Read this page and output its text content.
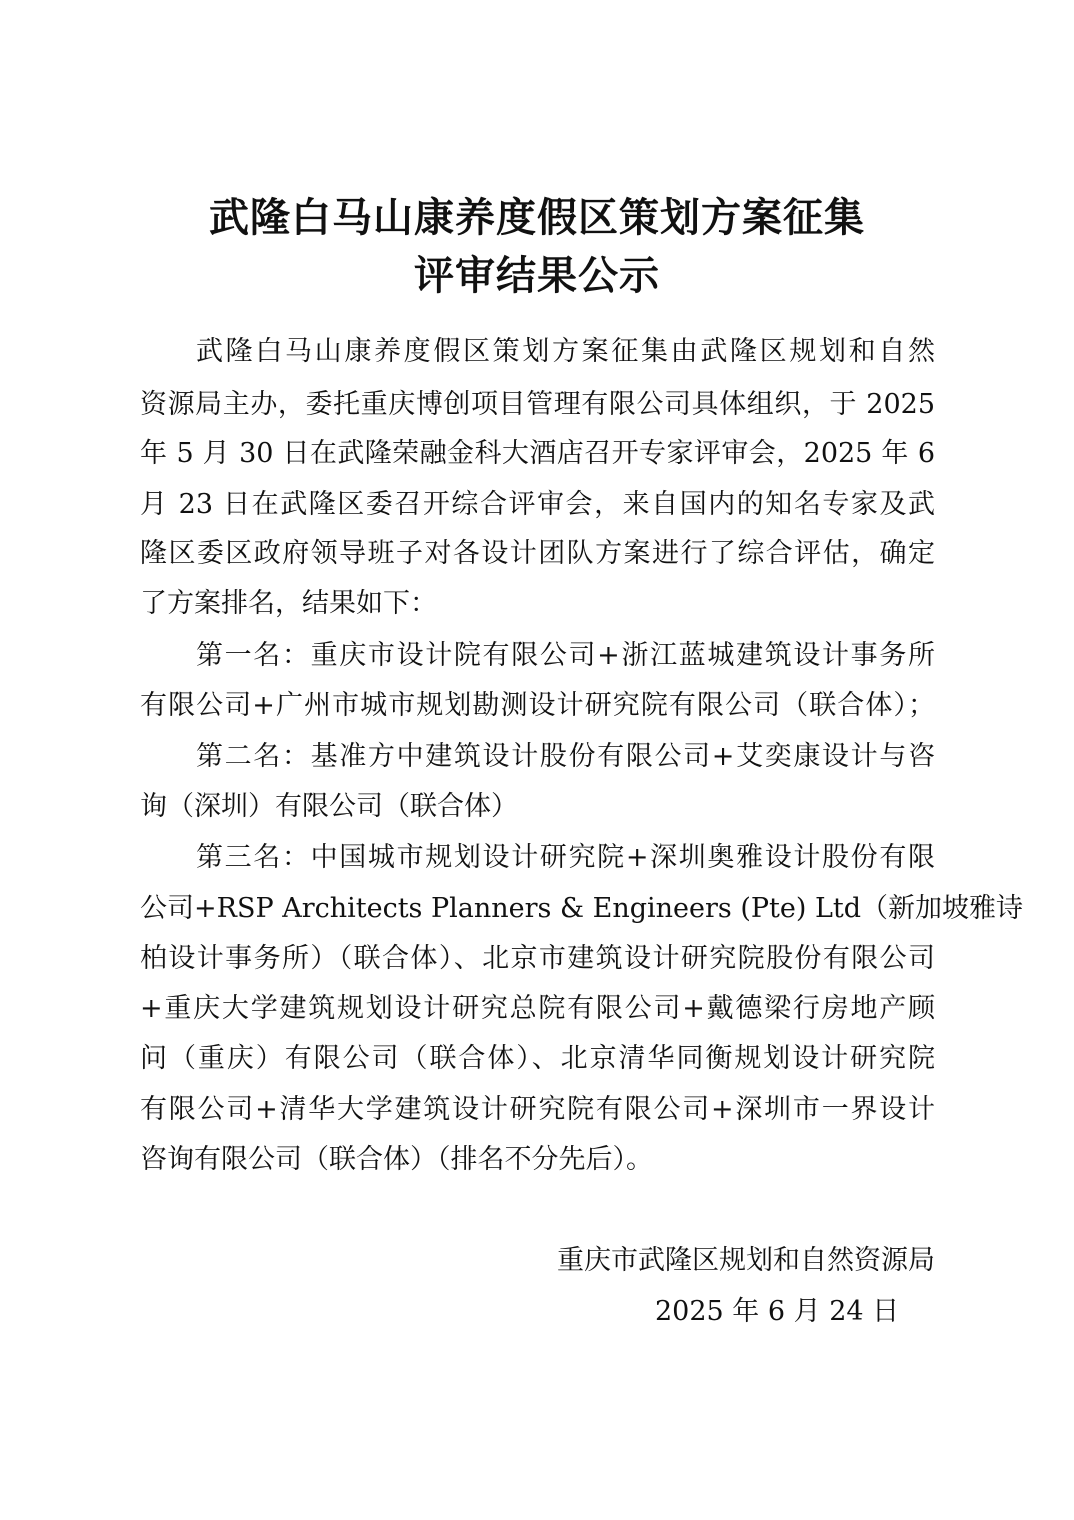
武隆白马山康养度假区策划方案征集
评审结果公示
武隆白马山康养度假区策划方案征集由武隆区规划和自然
资源局主办，委托重庆博创项目管理有限公司具体组织，于 2025
年 5 月 30 日在武隆荣融金科大酒店召开专家评审会，2025 年 6
月 23 日在武隆区委召开综合评审会，来自国内的知名专家及武
隆区委区政府领导班子对各设计团队方案进行了综合评估，确定
了方案排名，结果如下：
第一名：重庆市设计院有限公司+浙江蓝城建筑设计事务所
有限公司+广州市城市规划勘测设计研究院有限公司（联合体）；
第二名：基准方中建筑设计股份有限公司+艾奕康设计与咨
询（深圳）有限公司（联合体）
第三名：中国城市规划设计研究院+深圳奥雅设计股份有限
公司+RSP Architects Planners & Engineers (Pte) Ltd（新加坡雅诗
柏设计事务所）（联合体）、北京市建筑设计研究院股份有限公司
+重庆大学建筑规划设计研究总院有限公司+戴德梁行房地产顾
问（重庆）有限公司（联合体）、北京清华同衡规划设计研究院
有限公司+清华大学建筑设计研究院有限公司+深圳市一界设计
咨询有限公司（联合体）（排名不分先后）。
重庆市武隆区规划和自然资源局
2025 年 6 月 24 日
